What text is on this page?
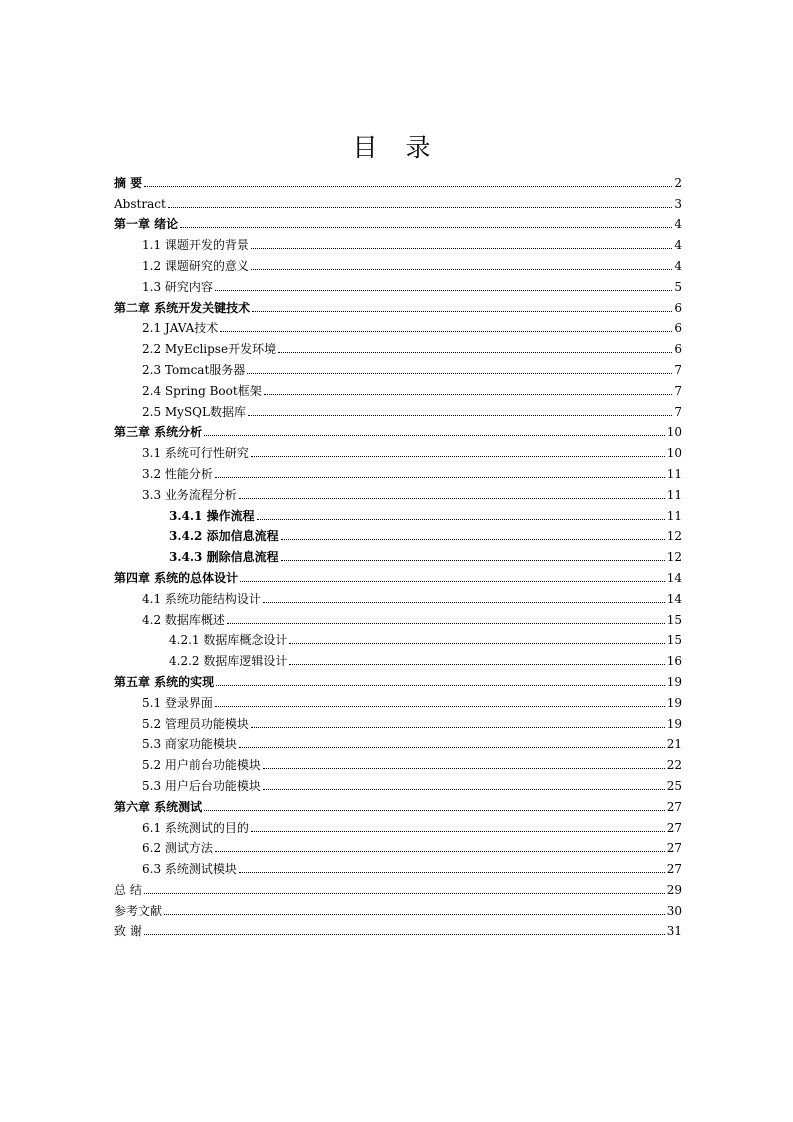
目 录
摘 要	2
Abstract	3
第一章 绪论	4
1.1 课题开发的背景	4
1.2 课题研究的意义	4
1.3 研究内容	5
第二章 系统开发关键技术	6
2.1 JAVA技术	6
2.2 MyEclipse开发环境	6
2.3 Tomcat服务器	7
2.4 Spring Boot框架	7
2.5 MySQL数据库	7
第三章 系统分析	10
3.1 系统可行性研究	10
3.2 性能分析	11
3.3 业务流程分析	11
3.4.1 操作流程	11
3.4.2 添加信息流程	12
3.4.3 删除信息流程	12
第四章 系统的总体设计	14
4.1 系统功能结构设计	14
4.2 数据库概述	15
4.2.1 数据库概念设计	15
4.2.2 数据库逻辑设计	16
第五章 系统的实现	19
5.1 登录界面	19
5.2 管理员功能模块	19
5.3 商家功能模块	21
5.2 用户前台功能模块	22
5.3 用户后台功能模块	25
第六章 系统测试	27
6.1 系统测试的目的	27
6.2 测试方法	27
6.3 系统测试模块	27
总 结	29
参考文献	30
致 谢	31
